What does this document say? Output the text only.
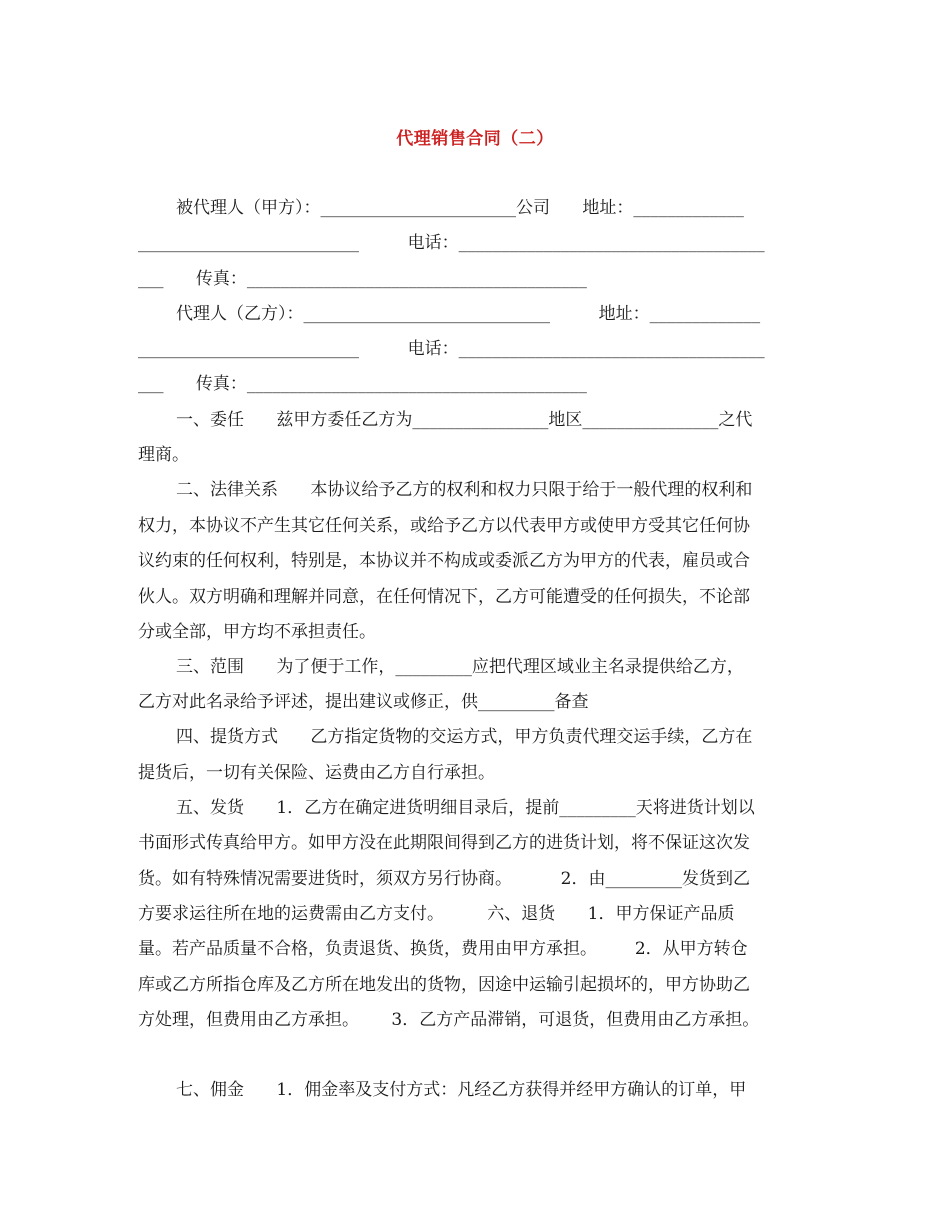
代理销售合同（二）
被代理人（甲方）：_______________________公司      地址：_____________
__________________________         电话：____________________________________
___      传真：________________________________________
代理人（乙方）：_____________________________         地址：_____________
__________________________         电话：____________________________________
___      传真：________________________________________
一、委任      兹甲方委任乙方为________________地区________________之代
理商。
二、法律关系      本协议给予乙方的权利和权力只限于给于一般代理的权利和
权力，本协议不产生其它任何关系，或给予乙方以代表甲方或使甲方受其它任何协
议约束的任何权利，特别是，本协议并不构成或委派乙方为甲方的代表，雇员或合
伙人。双方明确和理解并同意，在任何情况下，乙方可能遭受的任何损失，不论部
分或全部，甲方均不承担责任。
三、范围      为了便于工作，_________应把代理区域业主名录提供给乙方，
乙方对此名录给予评述，提出建议或修正，供_________备查
四、提货方式      乙方指定货物的交运方式，甲方负责代理交运手续，乙方在
提货后，一切有关保险、运费由乙方自行承担。
五、发货      1．乙方在确定进货明细目录后，提前_________天将进货计划以
书面形式传真给甲方。如甲方没在此期限间得到乙方的进货计划，将不保证这次发
货。如有特殊情况需要进货时，须双方另行协商。         2．由_________发货到乙
方要求运往所在地的运费需由乙方支付。        六、退货      1．甲方保证产品质
量。若产品质量不合格，负责退货、换货，费用由甲方承担。       2．从甲方转仓
库或乙方所指仓库及乙方所在地发出的货物，因途中运输引起损坏的，甲方协助乙
方处理，但费用由乙方承担。      3．乙方产品滞销，可退货，但费用由乙方承担。
七、佣金      1．佣金率及支付方式：凡经乙方获得并经甲方确认的订单，甲
